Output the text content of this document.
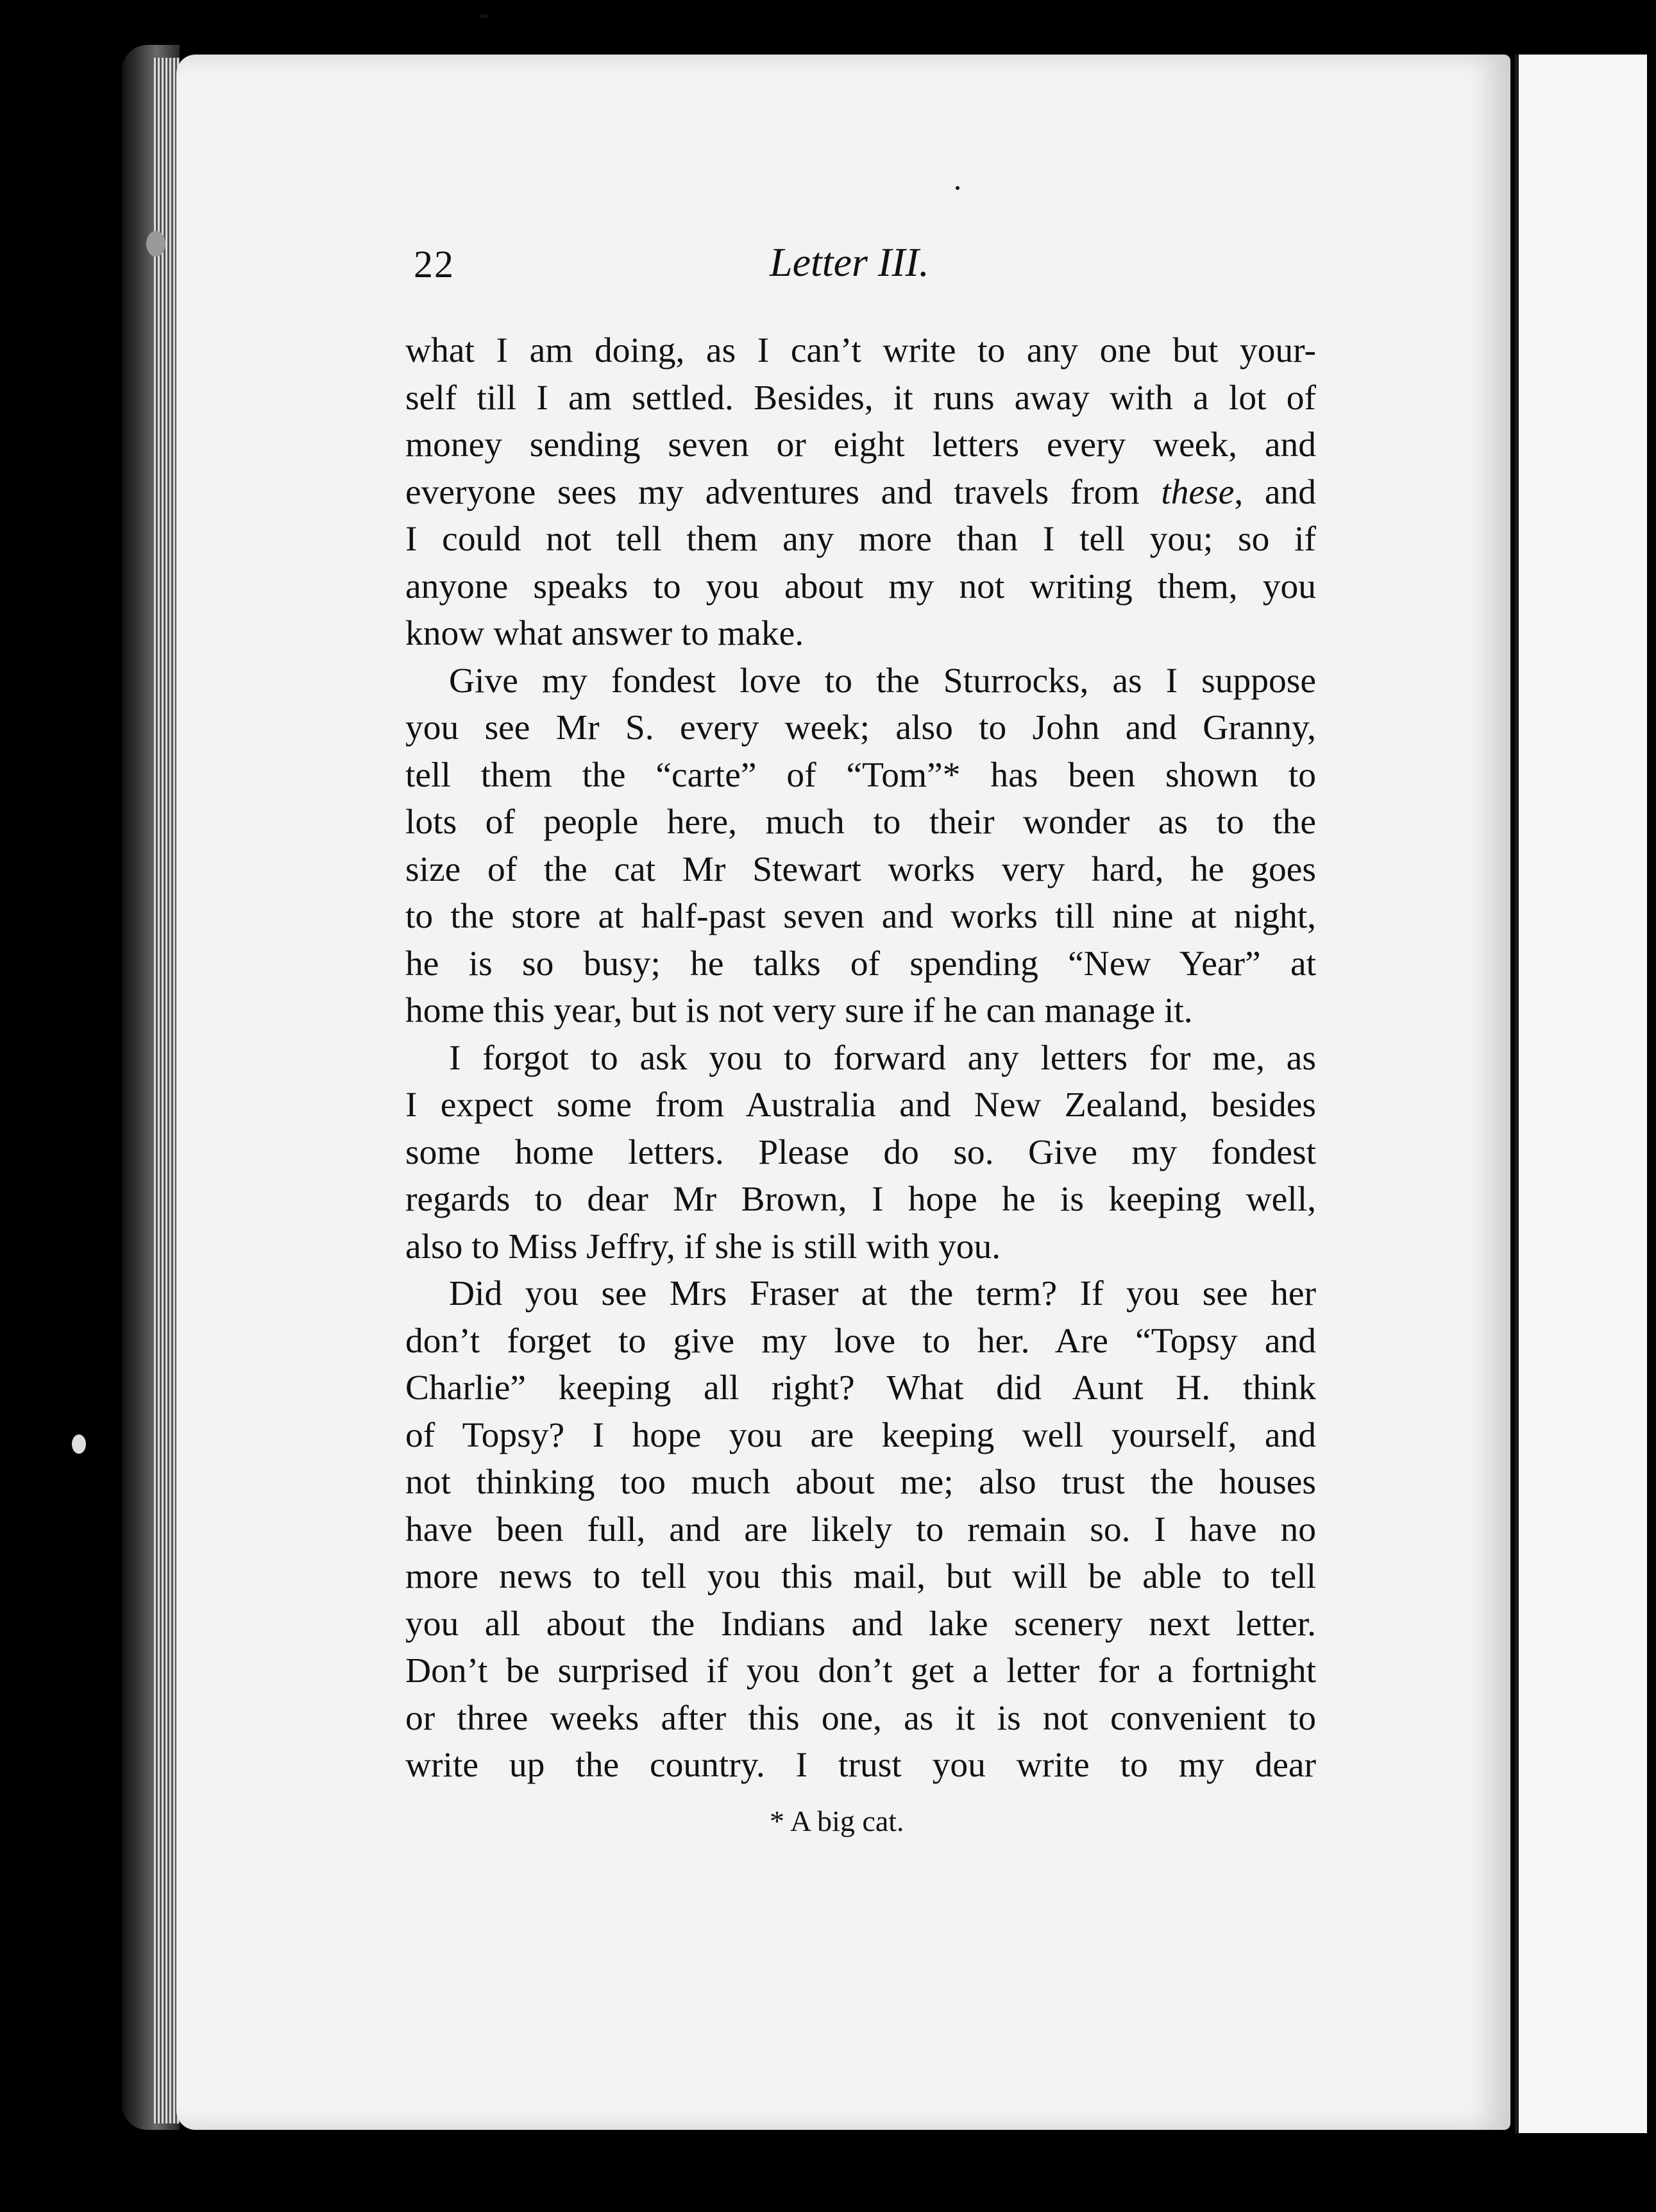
22	Letter III.
what I am doing, as I can’t write to any one but your-
self till I am settled. Besides, it runs away with a lot of
money sending seven or eight letters every week, and
everyone sees my adventures and travels from these, and
I could not tell them any more than I tell you; so if
anyone speaks to you about my not writing them, you
know what answer to make.
Give my fondest love to the Sturrocks, as I suppose
you see Mr S. every week; also to John and Granny,
tell them the “carte” of “Tom”* has been shown to
lots of people here, much to their wonder as to the
size of the cat Mr Stewart works very hard, he goes
to the store at half-past seven and works till nine at night,
he is so busy; he talks of spending “New Year” at
home this year, but is not very sure if he can manage it.
I forgot to ask you to forward any letters for me, as
I expect some from Australia and New Zealand, besides
some home letters. Please do so. Give my fondest
regards to dear Mr Brown, I hope he is keeping well,
also to Miss Jeffry, if she is still with you.
Did you see Mrs Fraser at the term? If you see her
don’t forget to give my love to her. Are “Topsy and
Charlie” keeping all right? What did Aunt H. think
of Topsy? I hope you are keeping well yourself, and
not thinking too much about me; also trust the houses
have been full, and are likely to remain so. I have no
more news to tell you this mail, but will be able to tell
you all about the Indians and lake scenery next letter.
Don’t be surprised if you don’t get a letter for a fortnight
or three weeks after this one, as it is not convenient to
write up the country. I trust you write to my dear
* A big cat.
